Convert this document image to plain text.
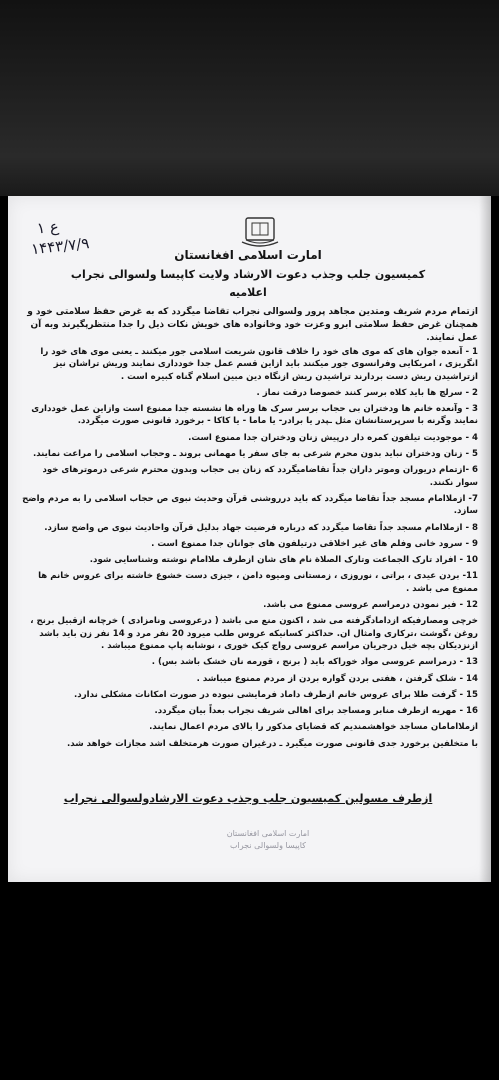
۱ ع
۱۴۴۳/۷/۹	امارت اسلامی افغانستان
کمیسیون جلب وجذب دعوت الارشاد ولایت کاپیسا ولسوالی نجراب
اعلامیه
ازتمام مردم شریف ومتدین مجاهد پرور ولسوالی نجراب تقاضا میگردد که به غرض حفظ سلامتی خود و همچنان غرض حفظ سلامتی ابرو وعزت خود وخانواده های خویش نکات ذیل را جدا منتظرپگیرند وبه آن عمل نمایند.
1 - آنعده جوان های که موی های خود را خلاف قانون شریعت اسلامی جور میکنند ـ یعنی موی های خود را انگریزی ، امریکایی وفرانسوی جور میکنند باید ازاین قسم عمل جدا خودداری نمایند وریش تراشان نیز ازتراشیدن ریش دست بردارند تراشیدن ریش ازنگاه دین مبین اسلام گناه کبیره است .
2 - سرلچ ها باید کلاه برسر کنند خصوصا درقت نماز .
3 - وآنعده خانم ها ودختران بی حجاب برسر سرک ها وراه ها نشسته جدا ممنوع است وازاین عمل خودداری نمایند وگرنه با سرپرستانشان مثل ـپدر یا برادر- یا ماما - یا کاکا - برخورد قانونی صورت میگردد.
4 - موجودیت تیلفون کمره دار درپیش زنان ودختران جدا ممنوع است.
5 - زنان ودختران نباید بدون محرم شرعی به جای سفر یا مهمانی بروند ـ وحجاب اسلامی را مراعت نمایند.
6 -ازتمام دریوران وموتر داران جداً تقاضامیگردد که زنان بی حجاب وبدون محترم شرعی درموترهای خود سوار نکنند.
7- ازملاامام مسجد جداً تقاضا میگردد که باید درروشنی قرآن وحدیث نبوی ص حجاب اسلامی را به مردم واضح سازد.
8 - ازملاامام مسجد جداً تقاضا میگردد که درباره فرضیت جهاد بدلیل قرآن واحادیث نبوی ص واضح سازد.
9 - سرود خانی وفلم های غیر اخلاقی درتیلفون های جوانان جدا ممنوع است .
10 - افراد تارک الجماعت وتارک الصلاة نام های شان ازطرف ملاامام نوشته وشناسایی شود.
11- بردن عیدی ، براتی ، نوروزی ، زمستانی ومیوه دامن ، جیزی دست خشوع خاشته برای عروس خانم ها ممنوع می باشد .
12 - فیر نمودن درمراسم عروسی ممنوع می باشد.
خرچی ومصارفیکه ازدامادگرفته می شد ، اکنون منع می باشد ( درعروسی ونامزادی ) خرچانه ازقبیل برنج ، روغن ،گوشت ،ترکاری وامثال ان. حداکثر کسانیکه عروس طلب میرود 20 نفر مرد و 14 نفر زن باید باشد ازنزدیکان بچه خیل درجریان مراسم عروسی رواج کیک خوری ، نوشابه پاپ ممنوع میباشد .
13 - درمراسم عروسی مواد خوراکه باید ( برنج ، قورمه نان خشک باشد بس) .
14 - شلک گرفتن ، هفتی بردن گواره بردن از مردم ممنوع میباشد .
15 - گرفت طلا برای عروس خانم ازطرف داماد فرمایشی نبوده در صورت امکانات مشکلی ندارد.
16 - مهریه ازطرف منابر ومساجد برای اهالی شریف نجراب بعداً بیان میگردد.
ازملاامامان مساجد خواهشمندیم که قضایای مذکور را بالای مردم اعمال نمایند.
با متخلفین برخورد جدی قانونی صورت میگیرد ـ درغیران صورت هرمتخلف اشد مجازات خواهد شد.
ازطرف مسولین کمیسیون جلب وجذب دعوت الارشادولسوالی نجراب
امارت اسلامی افغانستان
کاپیسا ولسوالی نجراب
